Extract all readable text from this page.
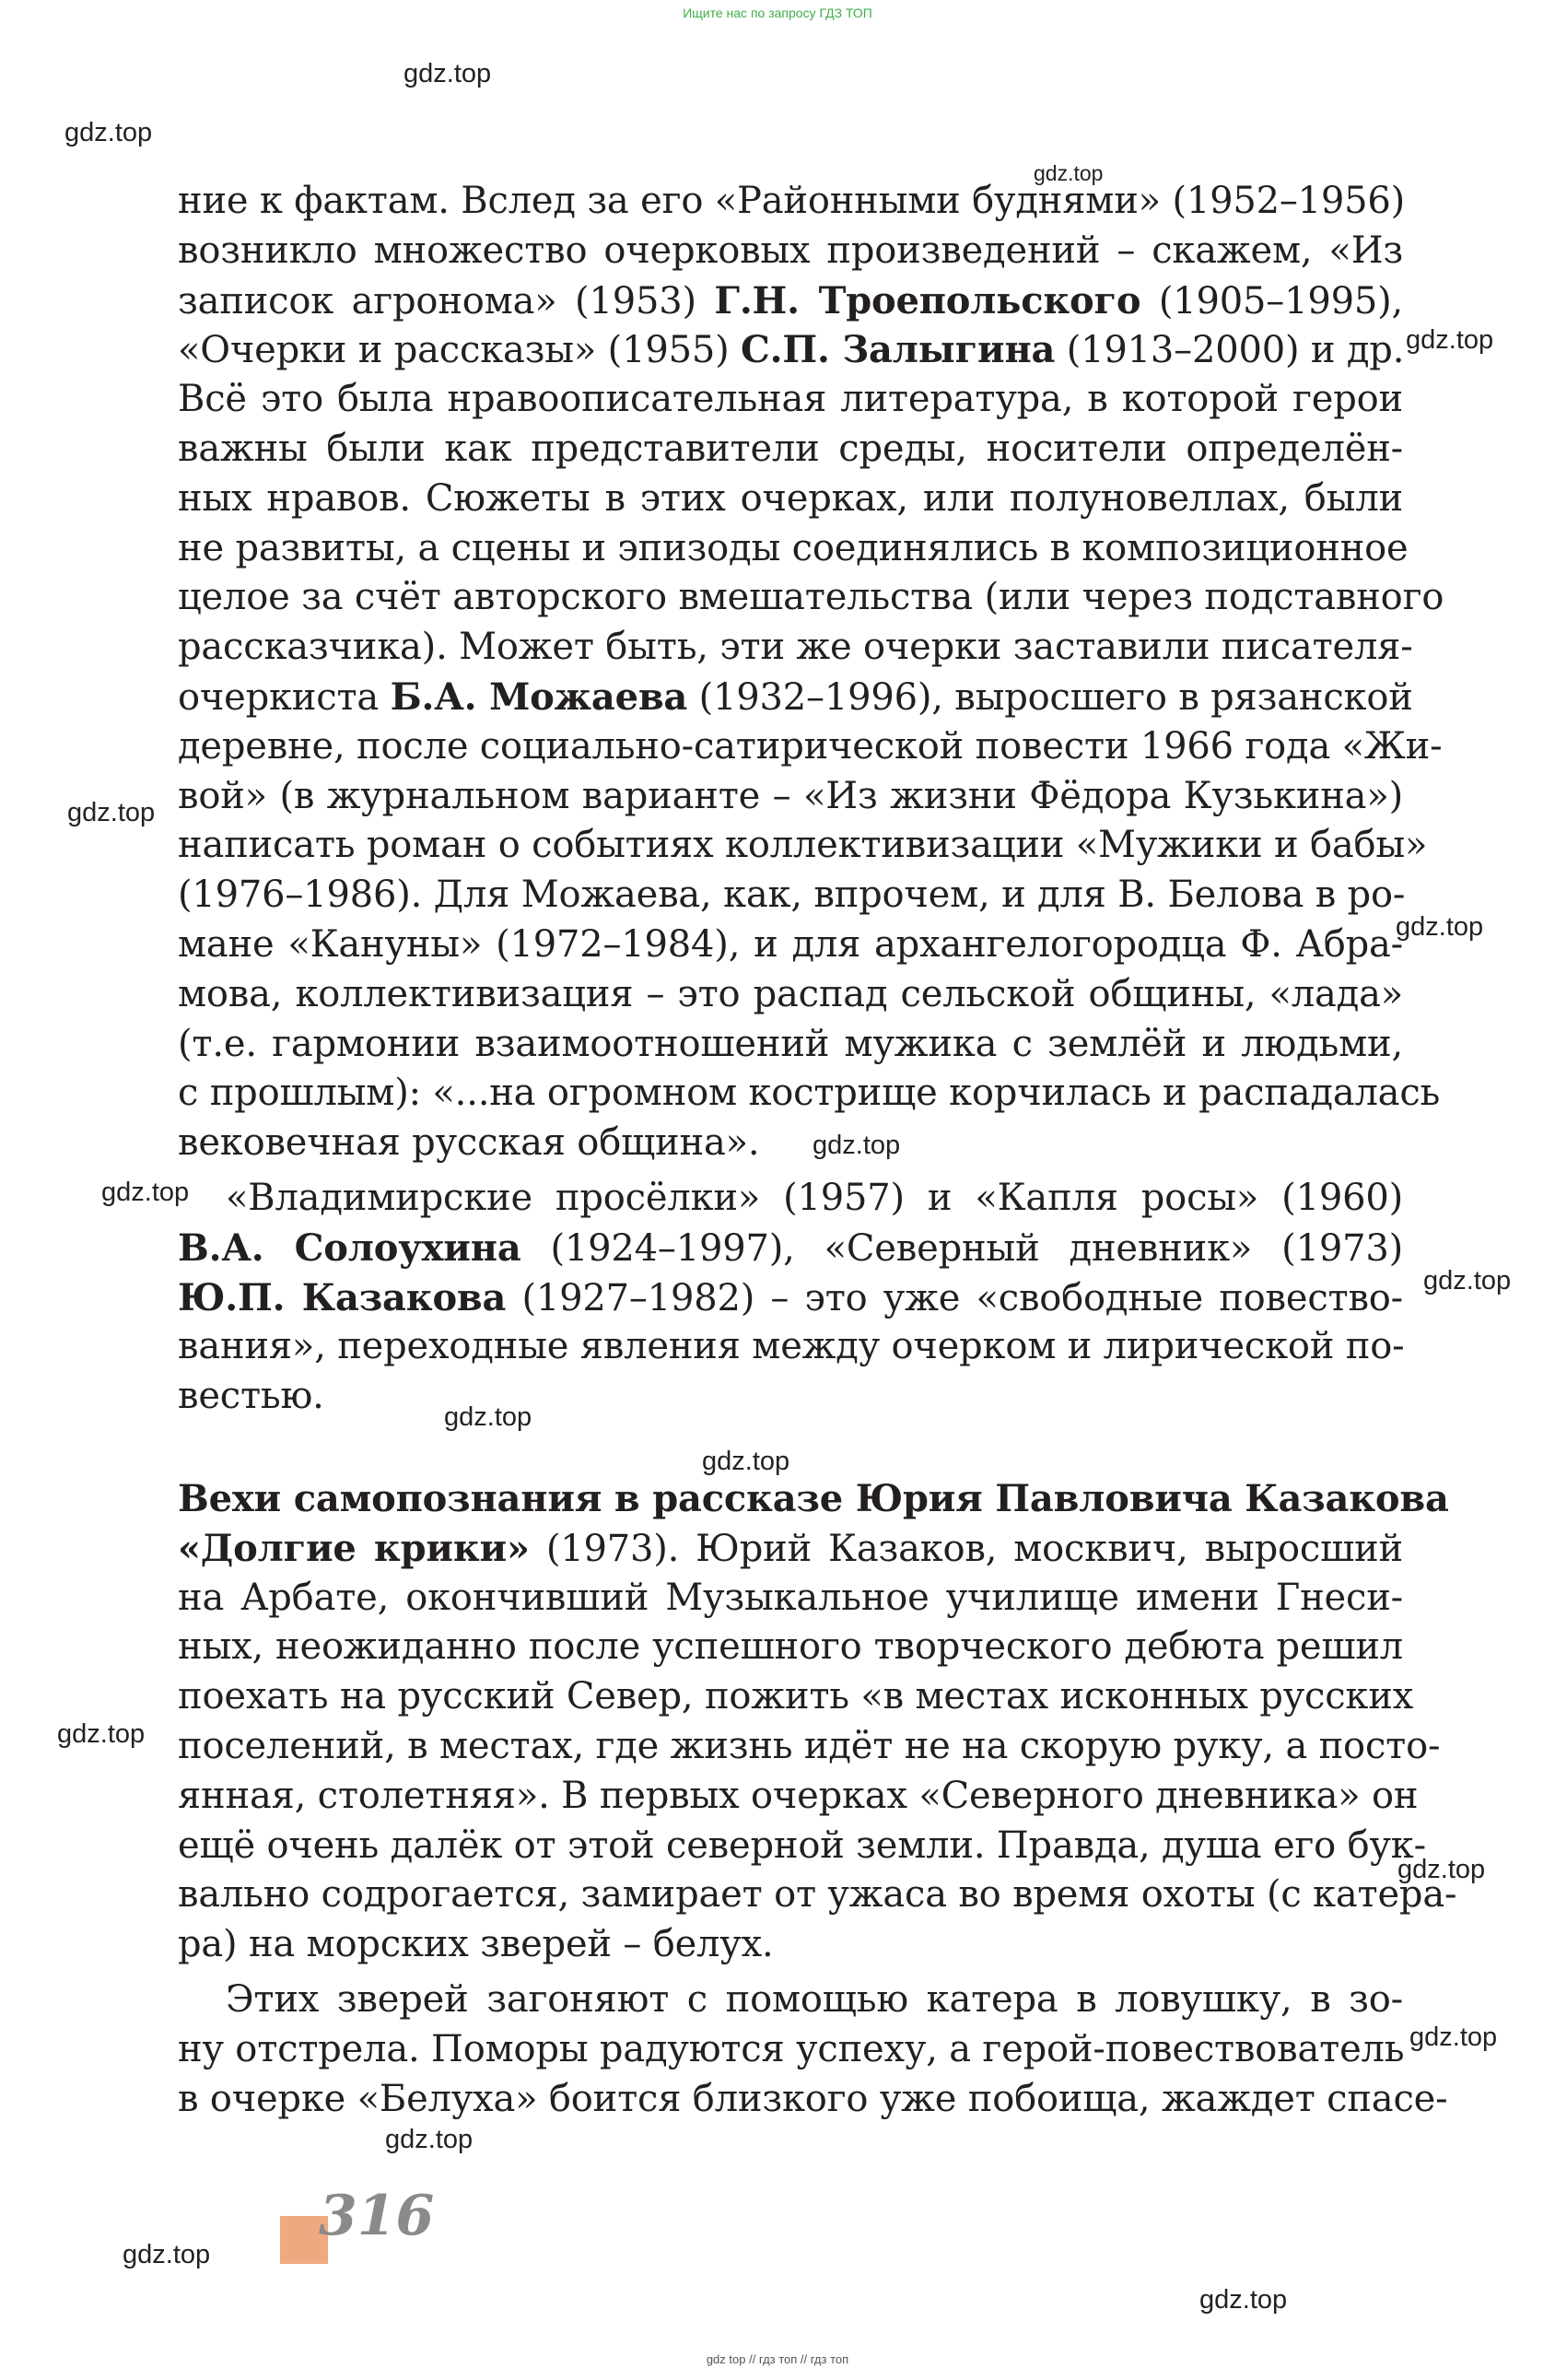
Ищите нас по запросу ГДЗ ТОП
gdz.top
gdz.top
gdz.top
gdz.top
gdz.top
gdz.top
gdz.top
gdz.top
gdz.top
gdz.top
gdz.top
gdz.top
gdz.top
gdz.top
gdz.top
gdz.top
gdz.top
ние к фактам. Вслед за его «Районными буднями» (1952–1956)
возникло множество очерковых произведений – скажем, «Из
записок агронома» (1953) Г.Н. Троепольского (1905–1995),
«Очерки и рассказы» (1955) С.П. Залыгина (1913–2000) и др.
Всё это была нравоописательная литература, в которой герои
важны были как представители среды, носители определён-
ных нравов. Сюжеты в этих очерках, или полуновеллах, были
не развиты, а сцены и эпизоды соединялись в композиционное
целое за счёт авторского вмешательства (или через подставного
рассказчика). Может быть, эти же очерки заставили писателя-
очеркиста Б.А. Можаева (1932–1996), выросшего в рязанской
деревне, после социально-сатирической повести 1966 года «Жи-
вой» (в журнальном варианте – «Из жизни Фёдора Кузькина»)
написать роман о событиях коллективизации «Мужики и бабы»
(1976–1986). Для Можаева, как, впрочем, и для В. Белова в ро-
мане «Кануны» (1972–1984), и для архангелогородца Ф. Абра-
мова, коллективизация – это распад сельской общины, «лада»
(т.е. гармонии взаимоотношений мужика с землёй и людьми,
с прошлым): «...на огромном кострище корчилась и распадалась
вековечная русская община».
«Владимирские просёлки» (1957) и «Капля росы» (1960)
В.А. Солоухина (1924–1997), «Северный дневник» (1973)
Ю.П. Казакова (1927–1982) – это уже «свободные повество-
вания», переходные явления между очерком и лирической по-
вестью.
Вехи самопознания в рассказе Юрия Павловича Казакова
«Долгие крики» (1973). Юрий Казаков, москвич, выросший
на Арбате, окончивший Музыкальное училище имени Гнеси-
ных, неожиданно после успешного творческого дебюта решил
поехать на русский Север, пожить «в местах исконных русских
поселений, в местах, где жизнь идёт не на скорую руку, а посто-
янная, столетняя». В первых очерках «Северного дневника» он
ещё очень далёк от этой северной земли. Правда, душа его бук-
вально содрогается, замирает от ужаса во время охоты (с катера-
ра) на морских зверей – белух.
Этих зверей загоняют с помощью катера в ловушку, в зо-
ну отстрела. Поморы радуются успеху, а герой-повествователь
в очерке «Белуха» боится близкого уже побоища, жаждет спасе-
316
gdz top // гдз топ // гдз топ
